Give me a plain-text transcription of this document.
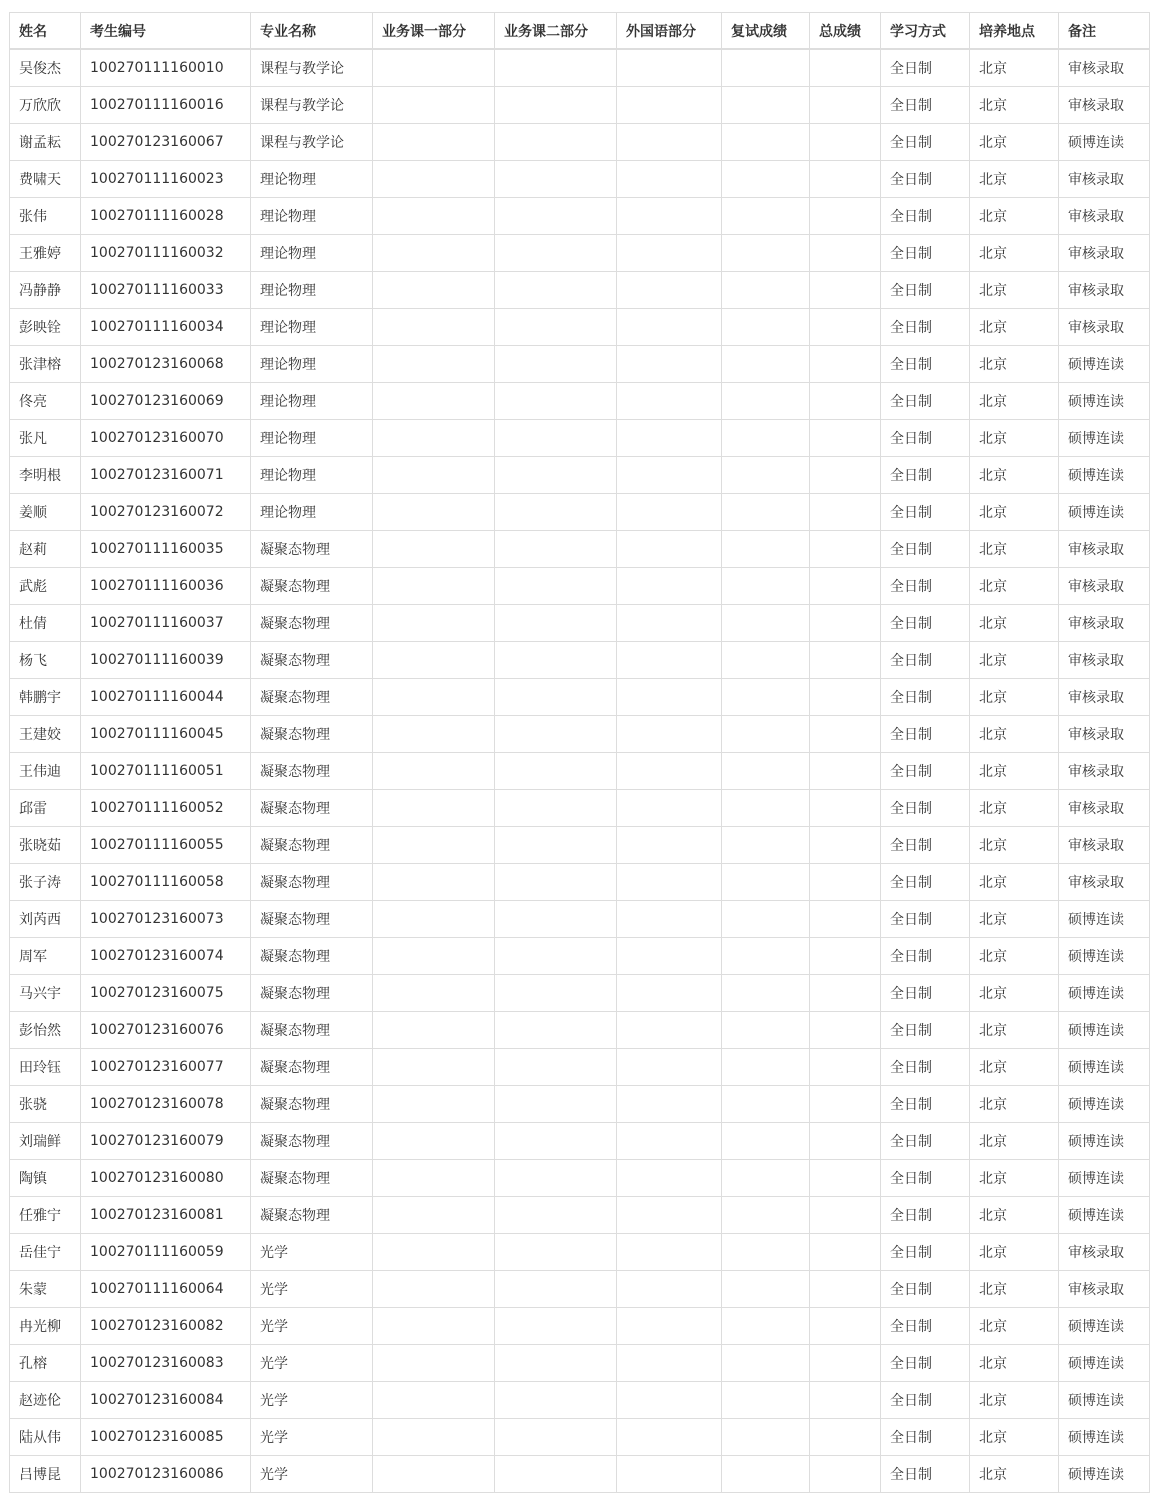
姓名	考生编号	专业名称	业务课一部分	业务课二部分	外国语部分	复试成绩	总成绩	学习方式	培养地点	备注
吴俊杰	100270111160010	课程与教学论						全日制	北京	审核录取
万欣欣	100270111160016	课程与教学论						全日制	北京	审核录取
谢孟耘	100270123160067	课程与教学论						全日制	北京	硕博连读
费啸天	100270111160023	理论物理						全日制	北京	审核录取
张伟	100270111160028	理论物理						全日制	北京	审核录取
王雅婷	100270111160032	理论物理						全日制	北京	审核录取
冯静静	100270111160033	理论物理						全日制	北京	审核录取
彭映铨	100270111160034	理论物理						全日制	北京	审核录取
张津榕	100270123160068	理论物理						全日制	北京	硕博连读
佟亮	100270123160069	理论物理						全日制	北京	硕博连读
张凡	100270123160070	理论物理						全日制	北京	硕博连读
李明根	100270123160071	理论物理						全日制	北京	硕博连读
姜顺	100270123160072	理论物理						全日制	北京	硕博连读
赵莉	100270111160035	凝聚态物理						全日制	北京	审核录取
武彪	100270111160036	凝聚态物理						全日制	北京	审核录取
杜倩	100270111160037	凝聚态物理						全日制	北京	审核录取
杨飞	100270111160039	凝聚态物理						全日制	北京	审核录取
韩鹏宇	100270111160044	凝聚态物理						全日制	北京	审核录取
王建姣	100270111160045	凝聚态物理						全日制	北京	审核录取
王伟迪	100270111160051	凝聚态物理						全日制	北京	审核录取
邱雷	100270111160052	凝聚态物理						全日制	北京	审核录取
张晓茹	100270111160055	凝聚态物理						全日制	北京	审核录取
张子涛	100270111160058	凝聚态物理						全日制	北京	审核录取
刘芮西	100270123160073	凝聚态物理						全日制	北京	硕博连读
周军	100270123160074	凝聚态物理						全日制	北京	硕博连读
马兴宇	100270123160075	凝聚态物理						全日制	北京	硕博连读
彭怡然	100270123160076	凝聚态物理						全日制	北京	硕博连读
田玲钰	100270123160077	凝聚态物理						全日制	北京	硕博连读
张骁	100270123160078	凝聚态物理						全日制	北京	硕博连读
刘瑞鲜	100270123160079	凝聚态物理						全日制	北京	硕博连读
陶镇	100270123160080	凝聚态物理						全日制	北京	硕博连读
任雅宁	100270123160081	凝聚态物理						全日制	北京	硕博连读
岳佳宁	100270111160059	光学						全日制	北京	审核录取
朱蒙	100270111160064	光学						全日制	北京	审核录取
冉光柳	100270123160082	光学						全日制	北京	硕博连读
孔榕	100270123160083	光学						全日制	北京	硕博连读
赵迹伦	100270123160084	光学						全日制	北京	硕博连读
陆从伟	100270123160085	光学						全日制	北京	硕博连读
吕博昆	100270123160086	光学						全日制	北京	硕博连读
